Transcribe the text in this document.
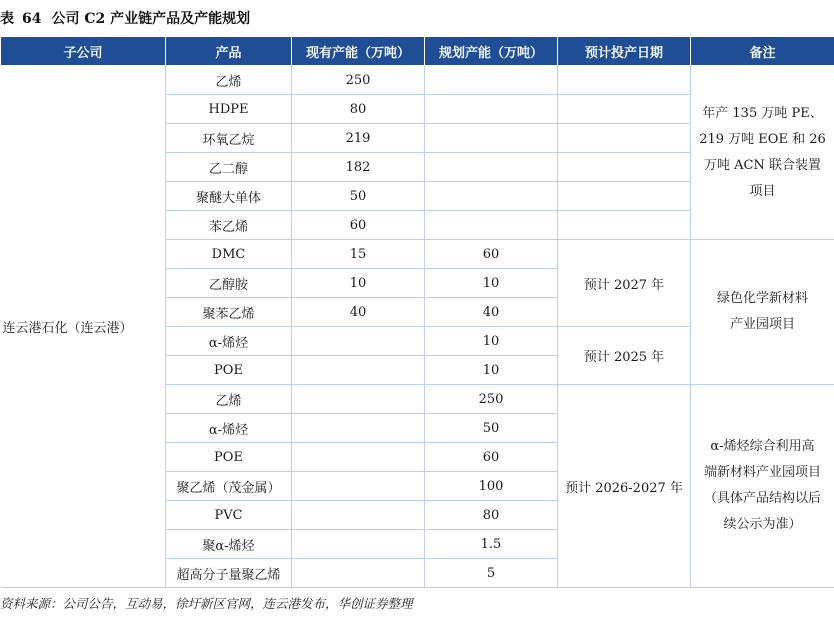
表 64 公司 C2 产业链产品及产能规划
子公司	产品	现有产能（万吨）	规划产能（万吨）	预计投产日期	备注
连云港石化（连云港）	乙烯	250			年产 135 万吨 PE、
219 万吨 EOE 和 26
万吨 ACN 联合装置
项目

	HDPE	80			
	环氧乙烷	219			
	乙二醇	182			
	聚醚大单体	50			
	苯乙烯	60			
	DMC	15	60	预计 2027 年	绿色化学新材料
产业园项目

	乙醇胺	10	10		
	聚苯乙烯	40	40		
	α-烯烃		10	预计 2025 年	
	POE		10		
	乙烯		250	预计 2026-2027 年	α-烯烃综合利用高
端新材料产业园项目
（具体产品结构以后
续公示为准）

	α-烯烃		50		
	POE		60		
	聚乙烯（茂金属）		100		
	PVC		80		
	聚α-烯烃		1.5		
	超高分子量聚乙烯		5		
资料来源：公司公告，互动易，徐圩新区官网，连云港发布，华创证券整理
